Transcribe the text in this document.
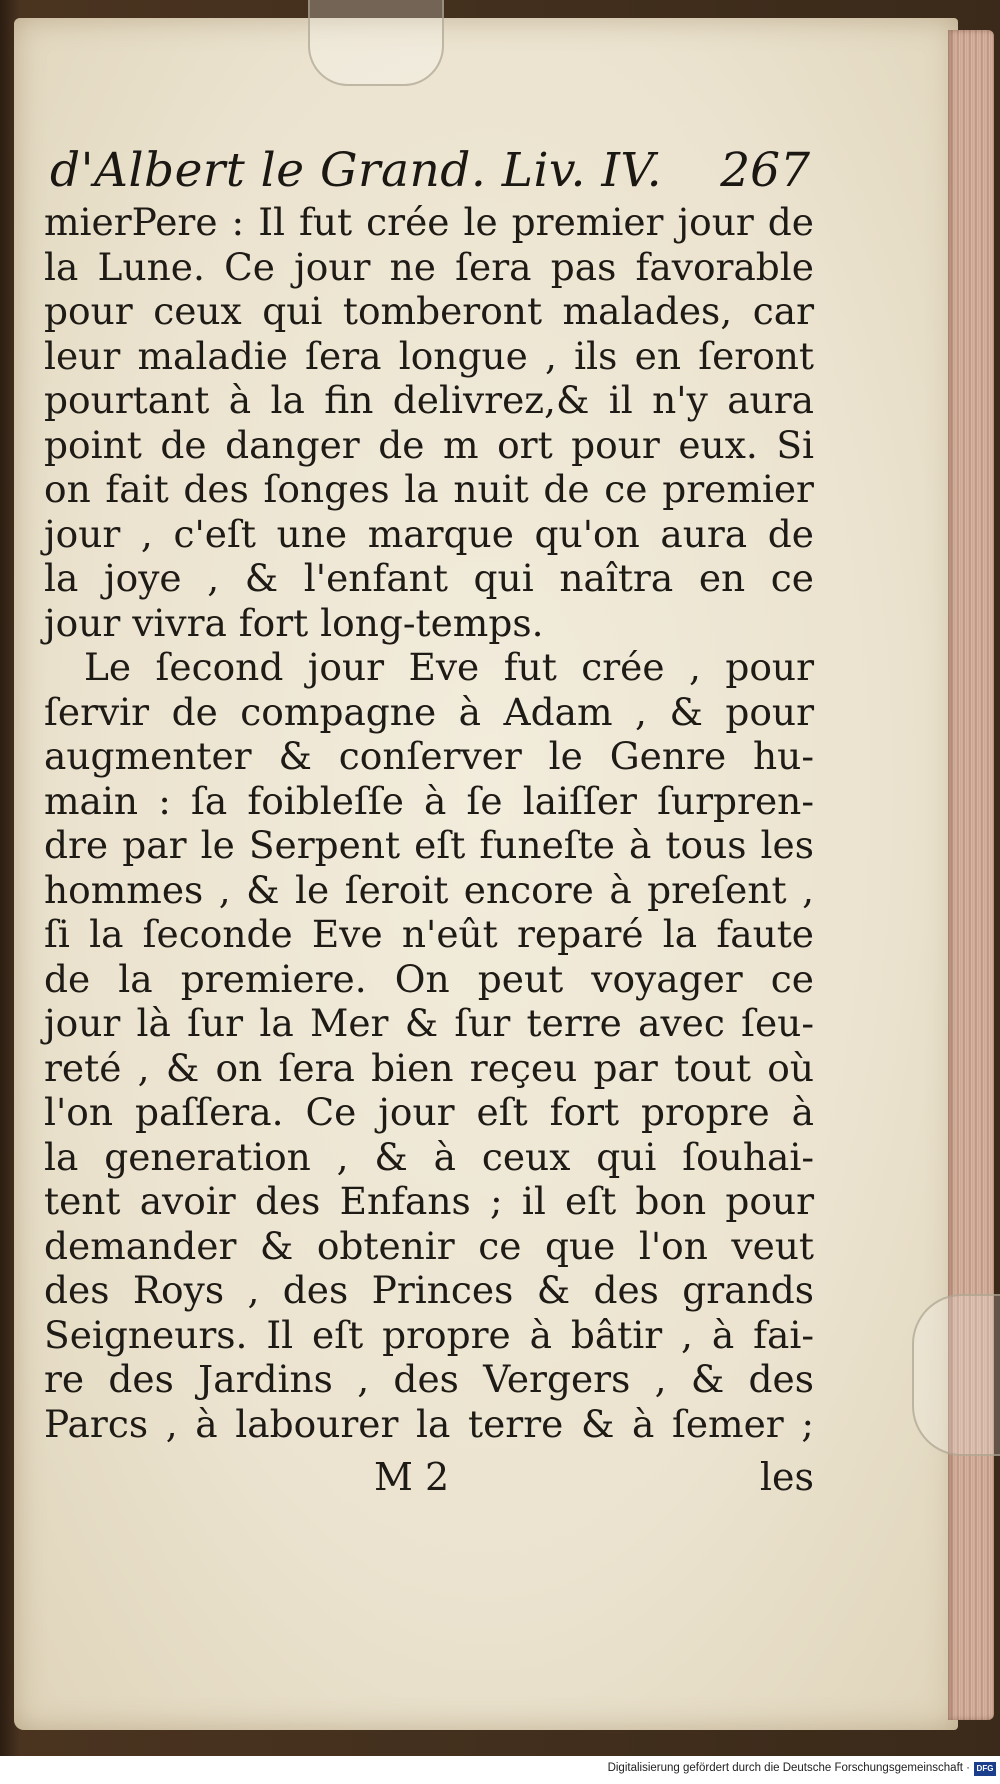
d'Albert le Grand. Liv. IV. 267
mierPere : Il fut crée le premier jour de
la Lune. Ce jour ne ſera pas favorable
pour ceux qui tomberont malades, car
leur maladie ſera longue , ils en ſeront
pourtant à la fin delivrez,& il n'y aura
point de danger de m ort pour eux. Si
on fait des ſonges la nuit de ce premier
jour , c'eſt une marque qu'on aura de
la joye , & l'enfant qui naîtra en ce
jour vivra fort long-temps.
Le ſecond jour Eve fut crée , pour
ſervir de compagne à Adam , & pour
augmenter & conſerver le Genre hu-
main : ſa foibleſſe à ſe laiſſer ſurpren-
dre par le Serpent eſt funeſte à tous les
hommes , & le ſeroit encore à preſent ,
ſi la ſeconde Eve n'eût reparé la faute
de la premiere. On peut voyager ce
jour là ſur la Mer & ſur terre avec ſeu-
reté , & on ſera bien reçeu par tout où
l'on paſſera. Ce jour eſt fort propre à
la generation , & à ceux qui ſouhai-
tent avoir des Enfans ; il eſt bon pour
demander & obtenir ce que l'on veut
des Roys , des Princes & des grands
Seigneurs. Il eſt propre à bâtir , à fai-
re des Jardins , des Vergers , & des
Parcs , à labourer la terre & à ſemer ;
M 2	les
Digitalisierung gefördert durch die Deutsche Forschungsgemeinschaft · DFG
